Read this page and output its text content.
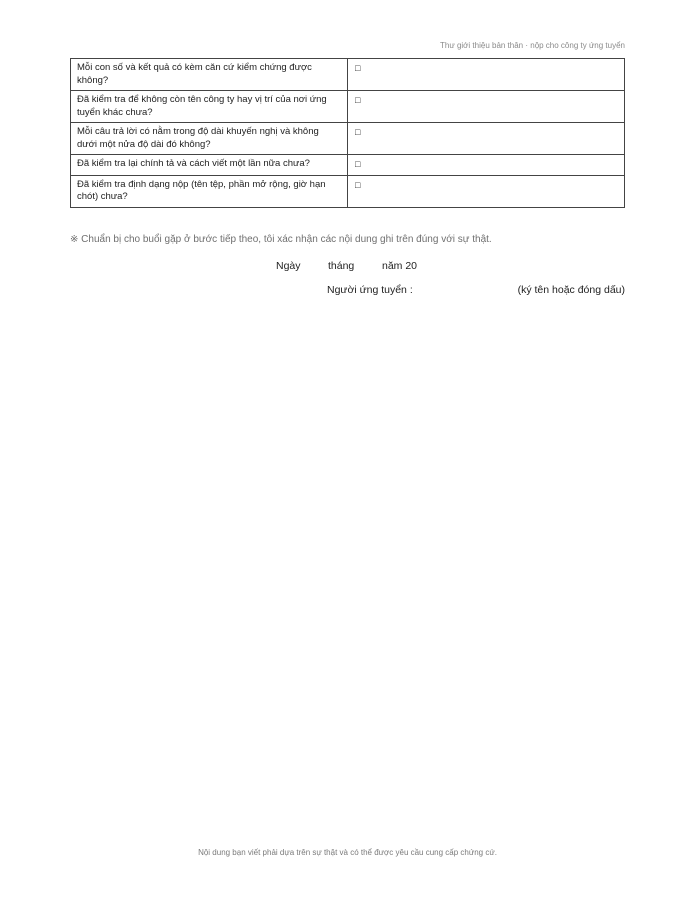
Thư giới thiệu bản thân · nộp cho công ty ứng tuyển
Mỗi con số và kết quả có kèm căn cứ kiểm chứng được không?	□
Đã kiểm tra để không còn tên công ty hay vị trí của nơi ứng tuyển khác chưa?	□
Mỗi câu trả lời có nằm trong độ dài khuyến nghị và không dưới một nửa độ dài đó không?	□
Đã kiểm tra lại chính tả và cách viết một lần nữa chưa?	□
Đã kiểm tra định dạng nộp (tên tệp, phần mở rộng, giờ hạn chót) chưa?	□
※ Chuẩn bị cho buổi gặp ở bước tiếp theo, tôi xác nhận các nội dung ghi trên đúng với sự thật.
Ngày	tháng	năm 20
Người ứng tuyển :	(ký tên hoặc đóng dấu)
Nội dung bạn viết phải dựa trên sự thật và có thể được yêu cầu cung cấp chứng cứ.
